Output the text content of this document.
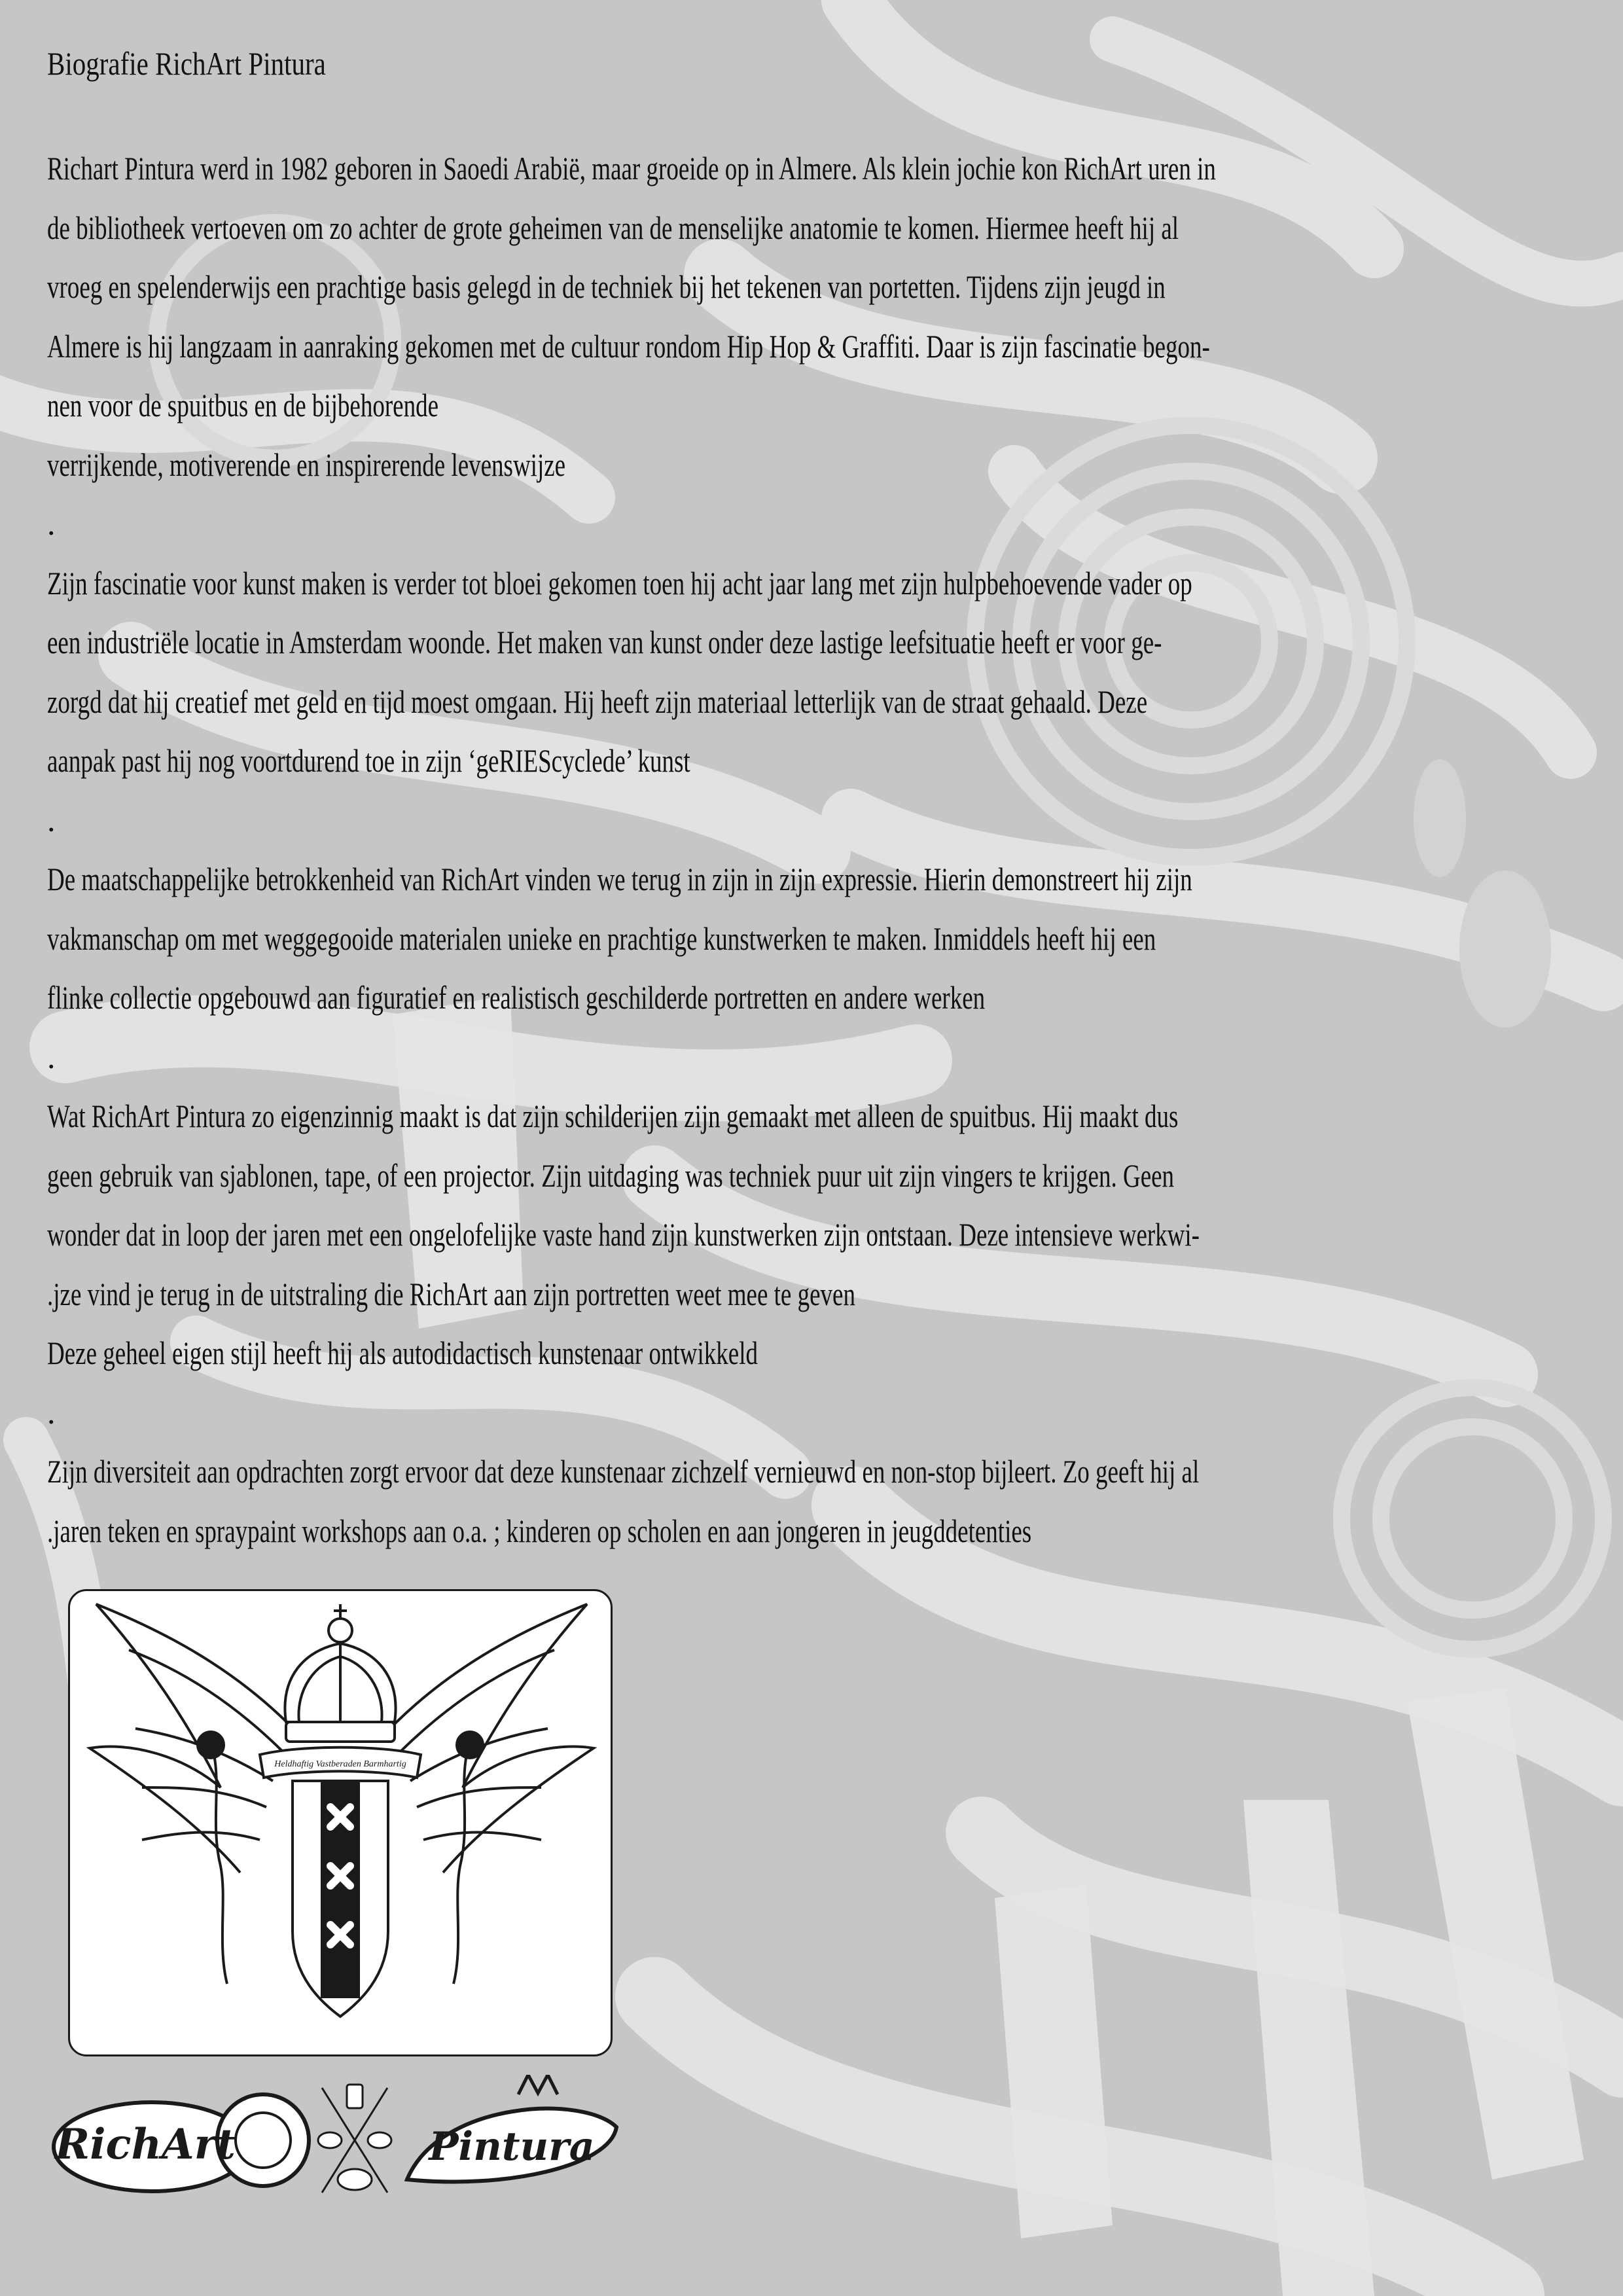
Biografie RichArt Pintura
Richart Pintura werd in 1982 geboren in Saoedi Arabië, maar groeide op in Almere. Als klein jochie kon RichArt uren in
de bibliotheek vertoeven om zo achter de grote geheimen van de menselijke anatomie te komen. Hiermee heeft hij al
vroeg en spelenderwijs een prachtige basis gelegd in de techniek bij het tekenen van portetten. Tijdens zijn jeugd in
Almere is hij langzaam in aanraking gekomen met de cultuur rondom Hip Hop & Graffiti. Daar is zijn fascinatie begon-
nen voor de spuitbus en de bijbehorende
verrijkende, motiverende en inspirerende levenswijze
.
Zijn fascinatie voor kunst maken is verder tot bloei gekomen toen hij acht jaar lang met zijn hulpbehoevende vader op
een industriële locatie in Amsterdam woonde. Het maken van kunst onder deze lastige leefsituatie heeft er voor ge-
zorgd dat hij creatief met geld en tijd moest omgaan. Hij heeft zijn materiaal letterlijk van de straat gehaald. Deze
aanpak past hij nog voortdurend toe in zijn ‘geRIEScyclede’ kunst
.
De maatschappelijke betrokkenheid van RichArt vinden we terug in zijn in zijn expressie. Hierin demonstreert hij zijn
vakmanschap om met weggegooide materialen unieke en prachtige kunstwerken te maken. Inmiddels heeft hij een
flinke collectie opgebouwd aan figuratief en realistisch geschilderde portretten en andere werken
.
Wat RichArt Pintura zo eigenzinnig maakt is dat zijn schilderijen zijn gemaakt met alleen de spuitbus. Hij maakt dus
geen gebruik van sjablonen, tape, of een projector. Zijn uitdaging was techniek puur uit zijn vingers te krijgen. Geen
wonder dat in loop der jaren met een ongelofelijke vaste hand zijn kunstwerken zijn ontstaan. Deze intensieve werkwi-
.jze vind je terug in de uitstraling die RichArt aan zijn portretten weet mee te geven
Deze geheel eigen stijl heeft hij als autodidactisch kunstenaar ontwikkeld
.
Zijn diversiteit aan opdrachten zorgt ervoor dat deze kunstenaar zichzelf vernieuwd en non-stop bijleert. Zo geeft hij al
.jaren teken en spraypaint workshops aan o.a. ; kinderen op scholen en aan jongeren in jeugddetenties
Heldhaftig Vastberaden Barmhartig
RichArt	Pintura
